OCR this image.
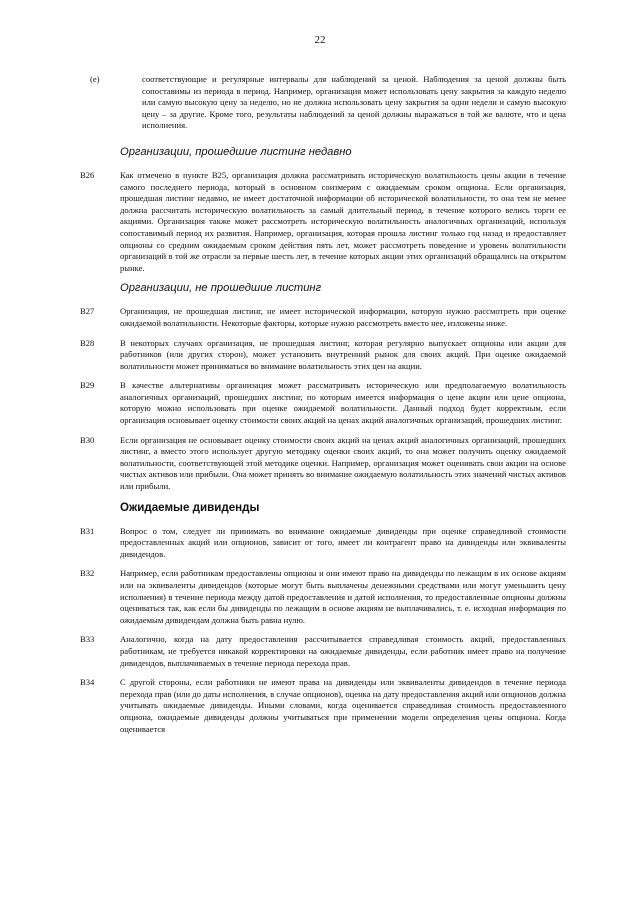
22
(e)	соответствующие и регулярные интервалы для наблюдений за ценой. Наблюдения за ценой должны быть сопоставимы из периода в период. Например, организация может использовать цену закрытия за каждую неделю или самую высокую цену за неделю, но не должна использовать цену закрытия за одни недели и самую высокую цену – за другие. Кроме того, результаты наблюдений за ценой должны выражаться в той же валюте, что и цена исполнения.
Организации, прошедшие листинг недавно
B26	Как отмечено в пункте B25, организация должна рассматривать историческую волатильность цены акции в течение самого последнего периода, который в основном соизмерим с ожидаемым сроком опциона. Если организация, прошедшая листинг недавно, не имеет достаточной информации об исторической волатильности, то она тем не менее должна рассчитать историческую волатильность за самый длительный период, в течение которого велись торги ее акциями. Организация также может рассмотреть историческую волатильность аналогичных организаций, используя сопоставимый период их развития. Например, организация, которая прошла листинг только год назад и предоставляет опционы со средним ожидаемым сроком действия пять лет, может рассмотреть поведение и уровень волатильности организаций в той же отрасли за первые шесть лет, в течение которых акции этих организаций обращались на открытом рынке.
Организации, не прошедшие листинг
B27	Организация, не прошедшая листинг, не имеет исторической информации, которую нужно рассмотреть при оценке ожидаемой волатильности. Некоторые факторы, которые нужно рассмотреть вместо нее, изложены ниже.
B28	В некоторых случаях организация, не прошедшая листинг, которая регулярно выпускает опционы или акции для работников (или других сторон), может установить внутренний рынок для своих акций. При оценке ожидаемой волатильности может приниматься во внимание волатильность этих цен на акции.
B29	В качестве альтернативы организация может рассматривать историческую или предполагаемую волатильность аналогичных организаций, прошедших листинг, по которым имеется информация о цене акции или цене опциона, которую можно использовать при оценке ожидаемой волатильности. Данный подход будет корректным, если организация основывает оценку стоимости своих акций на ценах акций аналогичных организаций, прошедших листинг.
B30	Если организация не основывает оценку стоимости своих акций на ценах акций аналогичных организаций, прошедших листинг, а вместо этого использует другую методику оценки своих акций, то она может получить оценку ожидаемой волатильности, соответствующей этой методике оценки. Например, организация может оценивать свои акции на основе чистых активов или прибыли. Она может принять во внимание ожидаемую волатильность этих значений чистых активов или прибыли.
Ожидаемые дивиденды
B31	Вопрос о том, следует ли принимать во внимание ожидаемые дивиденды при оценке справедливой стоимости предоставленных акций или опционов, зависит от того, имеет ли контрагент право на дивиденды или эквиваленты дивидендов.
B32	Например, если работникам предоставлены опционы и они имеют право на дивиденды по лежащим в их основе акциям или на эквиваленты дивидендов (которые могут быть выплачены денежными средствами или могут уменьшить цену исполнения) в течение периода между датой предоставления и датой исполнения, то предоставленные опционы должны оцениваться так, как если бы дивиденды по лежащим в основе акциям не выплачивались, т. е. исходная информация по ожидаемым дивидендам должна быть равна нулю.
B33	Аналогично, когда на дату предоставления рассчитывается справедливая стоимость акций, предоставленных работникам, не требуется никакой корректировки на ожидаемые дивиденды, если работник имеет право на получение дивидендов, выплачиваемых в течение периода перехода прав.
B34	С другой стороны, если работники не имеют права на дивиденды или эквиваленты дивидендов в течение периода перехода прав (или до даты исполнения, в случае опционов), оценка на дату предоставления акций или опционов должна учитывать ожидаемые дивиденды. Иными словами, когда оценивается справедливая стоимость предоставленного опциона, ожидаемые дивиденды должны учитываться при применении модели определения цены опциона. Когда оценивается
